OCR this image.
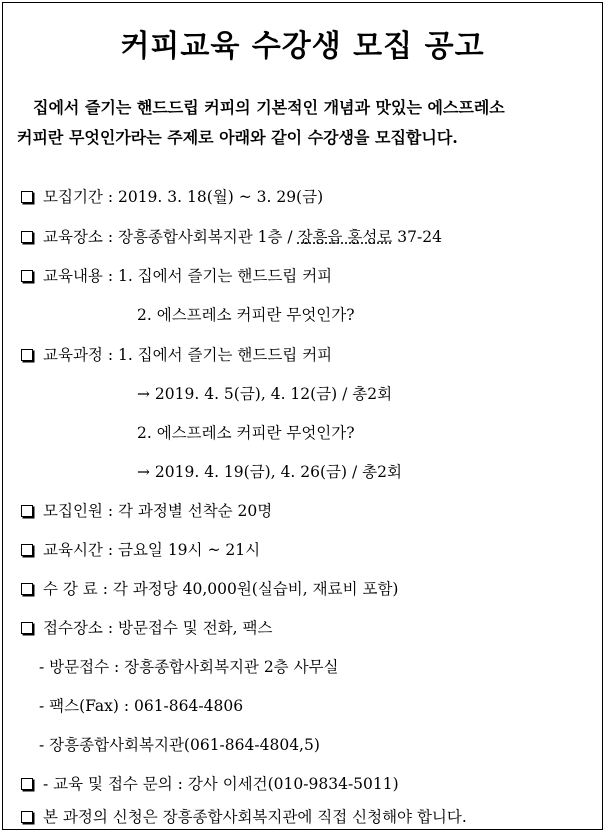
커피교육 수강생 모집 공고
집에서 즐기는 핸드드립 커피의 기본적인 개념과 맛있는 에스프레소
커피란 무엇인가라는 주제로 아래와 같이 수강생을 모집합니다.
모집기간 : 2019. 3. 18(월) ~ 3. 29(금)
교육장소 : 장흥종합사회복지관 1층 / 장흥읍 홍성로 37-24
교육내용 : 1. 집에서 즐기는 핸드드립 커피
2. 에스프레소 커피란 무엇인가?
교육과정 : 1. 집에서 즐기는 핸드드립 커피
→ 2019. 4. 5(금), 4. 12(금) / 총2회
2. 에스프레소 커피란 무엇인가?
→ 2019. 4. 19(금), 4. 26(금) / 총2회
모집인원 : 각 과정별 선착순 20명
교육시간 : 금요일 19시 ~ 21시
수 강 료 : 각 과정당 40,000원(실습비, 재료비 포함)
접수장소 : 방문접수 및 전화, 팩스
- 방문접수 : 장흥종합사회복지관 2층 사무실
- 팩스(Fax) : 061-864-4806
- 장흥종합사회복지관(061-864-4804,5)
- 교육 및 접수 문의 : 강사 이세건(010-9834-5011)
본 과정의 신청은 장흥종합사회복지관에 직접 신청해야 합니다.
